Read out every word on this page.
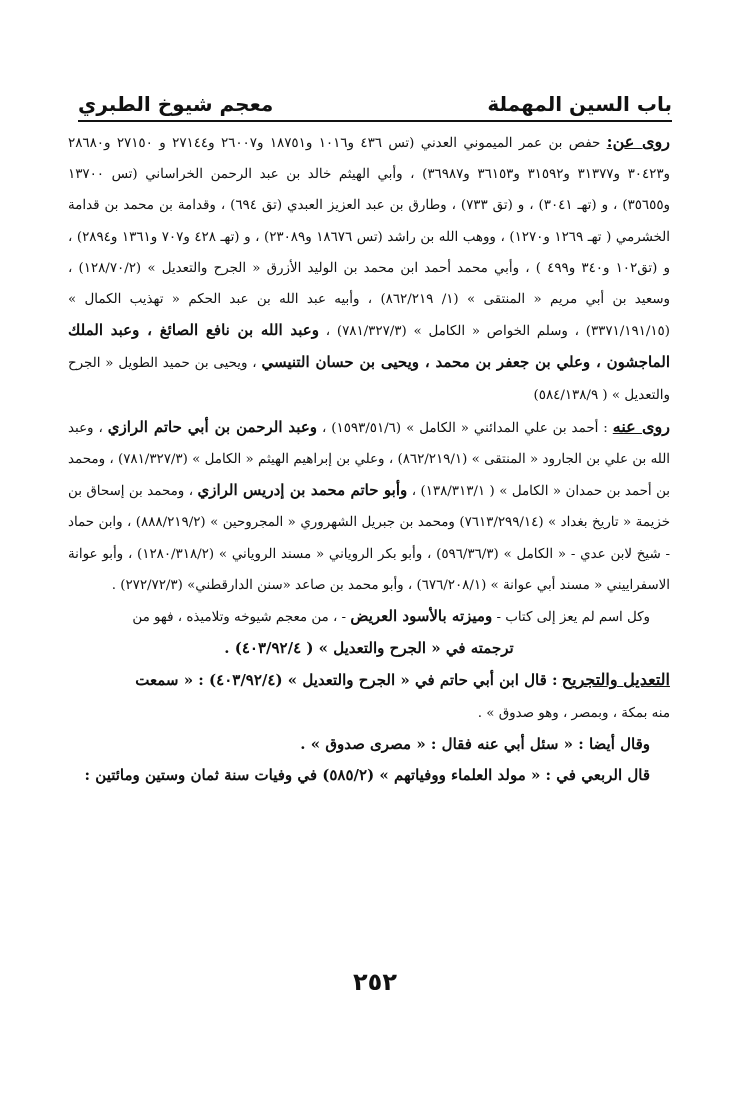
باب السين المهملة
معجم شيوخ الطبري

روى عن: حفص بن عمر الميموني العدني (تس ٤٣٦ و١٠١٦ و١٨٧٥١ و٢٦٠٠٧ و٢٧١٤٤ و ٢٧١٥٠ و٢٨٦٨٠ و٣٠٤٢٣ و٣١٣٧٧ و٣١٥٩٢ و٣٦١٥٣ و٣٦٩٨٧) ، وأبي الهيثم خالد بن عبد الرحمن الخراساني (تس ١٣٧٠٠ و٣٥٦٥٥) ، و (تهـ ٣٠٤١) ، و (تق ٧٣٣) ، وطارق بن عبد العزيز العبدي (تق ٦٩٤) ، وقدامة بن محمد بن قدامة الخشرمي ( تهـ ١٢٦٩ و١٢٧٠) ، ووهب الله بن راشد (تس ١٨٦٧٦ و٢٣٠٨٩) ، و (تهـ ٤٢٨ و٧٠٧ و١٣٦١ و٢٨٩٤) ، و (تق١٠٢ و٣٤٠ و٤٩٩ ) ، وأبي محمد أحمد ابن محمد بن الوليد الأزرق « الجرح والتعديل » (١٢٨/٧٠/٢) ، وسعيد بن أبي مريم « المنتقى » (١/ ٨٦٢/٢١٩) ، وأبيه عبد الله بن عبد الحكم « تهذيب الكمال » (٣٣٧١/١٩١/١٥) ، وسلم الخواص « الكامل » (٧٨١/٣٢٧/٣) ، وعبد الله بن نافع الصائغ ، وعبد الملك الماجشون ، وعلي بن جعفر بن محمد ، ويحيى بن حسان التنيسي ، ويحيى بن حميد الطويل « الجرح والتعديل » ( ٥٨٤/١٣٨/٩)

روى عنه : أحمد بن علي المدائني « الكامل » (١٥٩٣/٥١/٦) ، وعبد الرحمن بن أبي حاتم الرازي ، وعبد الله بن علي بن الجارود « المنتقى » (٨٦٢/٢١٩/١) ، وعلي بن إبراهيم الهيثم « الكامل » (٧٨١/٣٢٧/٣) ، ومحمد بن أحمد بن حمدان « الكامل » ( ١٣٨/٣١٣/١) ، وأبو حاتم محمد بن إدريس الرازي ، ومحمد بن إسحاق بن خزيمة « تاريخ بغداد » (٧٦١٣/٢٩٩/١٤) ومحمد بن جبريل الشهروري « المجروحين » (٨٨٨/٢١٩/٢) ، وابن حماد - شيخ لابن عدي - « الكامل » (٥٩٦/٣٦/٣) ، وأبو بكر الروياني « مسند الروياني » (١٢٨٠/٣١٨/٢) ، وأبو عوانة الاسفراييني « مسند أبي عوانة » (٦٧٦/٢٠٨/١) ، وأبو محمد بن صاعد «سنن الدارقطني» (٢٧٢/٧٢/٣) .

وكل اسم لم يعز إلى كتاب - وميزته بالأسود العريض - ، من معجم شيوخه وتلاميذه ، فهو من

ترجمته في « الجرح والتعديل » ( ٤٠٣/٩٢/٤) .

التعديل والتجريح : قال ابن أبي حاتم في « الجرح والتعديل » (٤٠٣/٩٢/٤) : « سمعت

منه بمكة ، وبمصر ، وهو صدوق » .

وقال أيضا : « سئل أبي عنه فقال : « مصرى صدوق » .

قال الربعي في : « مولد العلماء ووفياتهم » (٥٨٥/٢) في وفيات سنة ثمان وستين ومائتين :

٢٥٢
